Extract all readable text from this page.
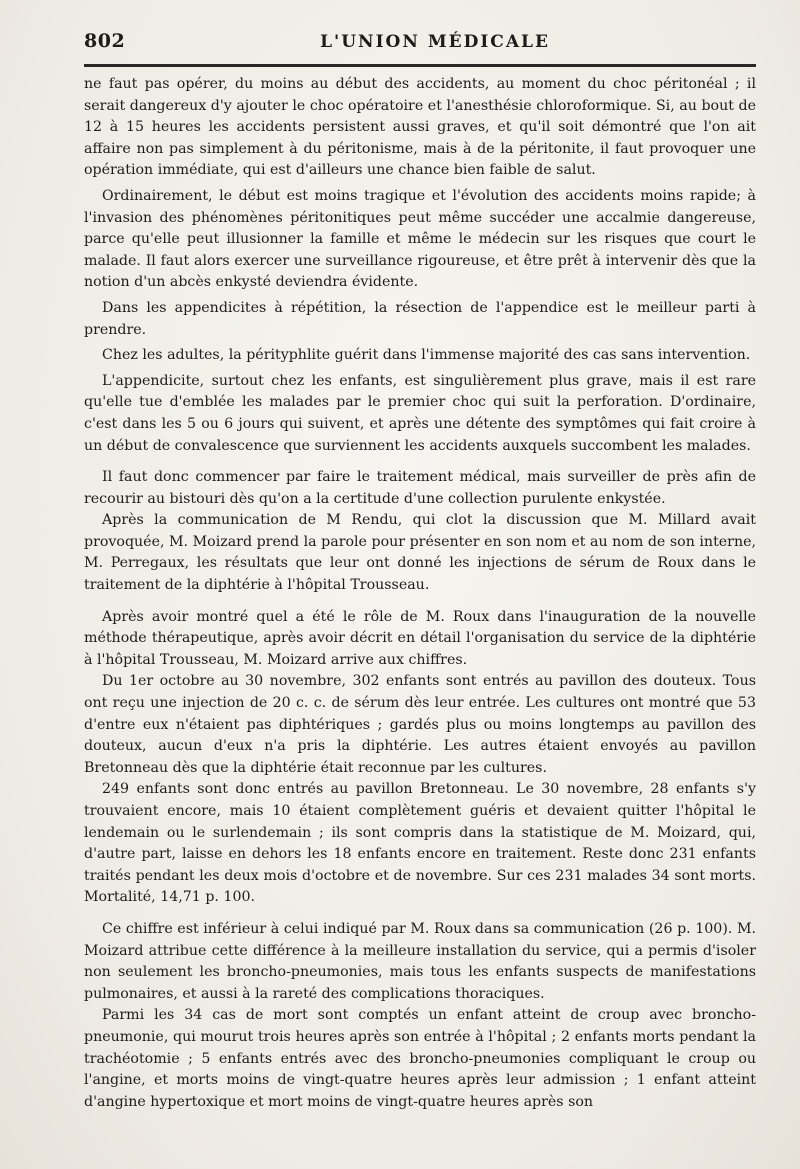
802	L'UNION MÉDICALE

ne faut pas opérer, du moins au début des accidents, au moment du choc péritonéal ; il serait dangereux d'y ajouter le choc opératoire et l'anesthésie chloroformique. Si, au bout de 12 à 15 heures les accidents persistent aussi graves, et qu'il soit démontré que l'on ait affaire non pas simplement à du péritonisme, mais à de la péritonite, il faut provoquer une opération immédiate, qui est d'ailleurs une chance bien faible de salut.

Ordinairement, le début est moins tragique et l'évolution des accidents moins rapide; à l'invasion des phénomènes péritonitiques peut même succéder une accalmie dangereuse, parce qu'elle peut illusionner la famille et même le médecin sur les risques que court le malade. Il faut alors exercer une surveillance rigoureuse, et être prêt à intervenir dès que la notion d'un abcès enkysté deviendra évidente.

Dans les appendicites à répétition, la résection de l'appendice est le meilleur parti à prendre.

Chez les adultes, la pérityphlite guérit dans l'immense majorité des cas sans intervention.

L'appendicite, surtout chez les enfants, est singulièrement plus grave, mais il est rare qu'elle tue d'emblée les malades par le premier choc qui suit la perforation. D'ordinaire, c'est dans les 5 ou 6 jours qui suivent, et après une détente des symptômes qui fait croire à un début de convalescence que surviennent les accidents auxquels succombent les malades.

Il faut donc commencer par faire le traitement médical, mais surveiller de près afin de recourir au bistouri dès qu'on a la certitude d'une collection purulente enkystée.

Après la communication de M Rendu, qui clot la discussion que M. Millard avait provoquée, M. Moizard prend la parole pour présenter en son nom et au nom de son interne, M. Perregaux, les résultats que leur ont donné les injections de sérum de Roux dans le traitement de la diphtérie à l'hôpital Trousseau.

Après avoir montré quel a été le rôle de M. Roux dans l'inauguration de la nouvelle méthode thérapeutique, après avoir décrit en détail l'organisation du service de la diphtérie à l'hôpital Trousseau, M. Moizard arrive aux chiffres.

Du 1er octobre au 30 novembre, 302 enfants sont entrés au pavillon des douteux. Tous ont reçu une injection de 20 c. c. de sérum dès leur entrée. Les cultures ont montré que 53 d'entre eux n'étaient pas diphtériques ; gardés plus ou moins longtemps au pavillon des douteux, aucun d'eux n'a pris la diphtérie. Les autres étaient envoyés au pavillon Bretonneau dès que la diphtérie était reconnue par les cultures.

249 enfants sont donc entrés au pavillon Bretonneau. Le 30 novembre, 28 enfants s'y trouvaient encore, mais 10 étaient complètement guéris et devaient quitter l'hôpital le lendemain ou le surlendemain ; ils sont compris dans la statistique de M. Moizard, qui, d'autre part, laisse en dehors les 18 enfants encore en traitement. Reste donc 231 enfants traités pendant les deux mois d'octobre et de novembre. Sur ces 231 malades 34 sont morts. Mortalité, 14,71 p. 100.

Ce chiffre est inférieur à celui indiqué par M. Roux dans sa communication (26 p. 100). M. Moizard attribue cette différence à la meilleure installation du service, qui a permis d'isoler non seulement les broncho-pneumonies, mais tous les enfants suspects de manifestations pulmonaires, et aussi à la rareté des complications thoraciques.

Parmi les 34 cas de mort sont comptés un enfant atteint de croup avec broncho-pneumonie, qui mourut trois heures après son entrée à l'hôpital ; 2 enfants morts pendant la trachéotomie ; 5 enfants entrés avec des broncho-pneumonies compliquant le croup ou l'angine, et morts moins de vingt-quatre heures après leur admission ; 1 enfant atteint d'angine hypertoxique et mort moins de vingt-quatre heures après son
